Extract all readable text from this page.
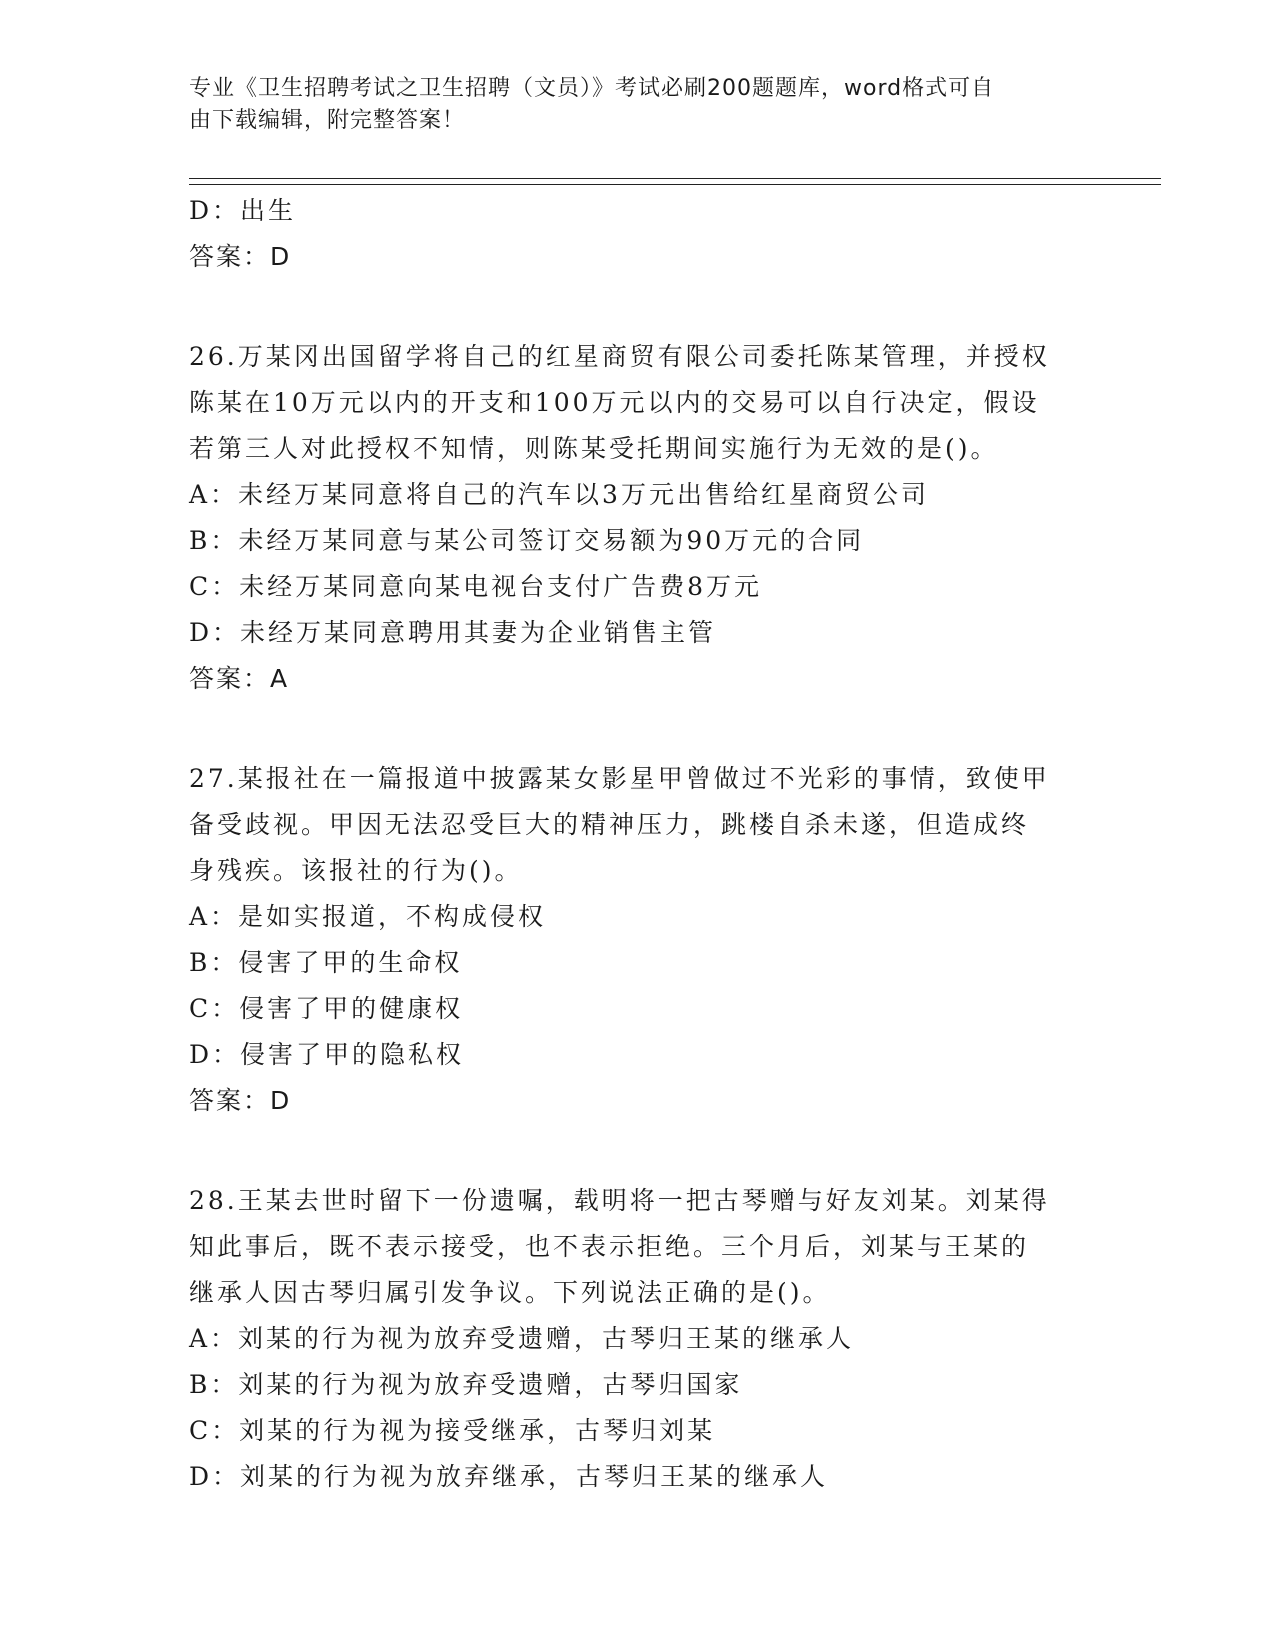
专业《卫生招聘考试之卫生招聘（文员）》考试必刷200题题库，word格式可自
由下载编辑，附完整答案！
D：出生
答案：D
26.万某冈出国留学将自己的红星商贸有限公司委托陈某管理，并授权
陈某在10万元以内的开支和100万元以内的交易可以自行决定，假设
若第三人对此授权不知情，则陈某受托期间实施行为无效的是()。
A：未经万某同意将自己的汽车以3万元出售给红星商贸公司
B：未经万某同意与某公司签订交易额为90万元的合同
C：未经万某同意向某电视台支付广告费8万元
D：未经万某同意聘用其妻为企业销售主管
答案：A
27.某报社在一篇报道中披露某女影星甲曾做过不光彩的事情，致使甲
备受歧视。甲因无法忍受巨大的精神压力，跳楼自杀未遂，但造成终
身残疾。该报社的行为()。
A：是如实报道，不构成侵权
B：侵害了甲的生命权
C：侵害了甲的健康权
D：侵害了甲的隐私权
答案：D
28.王某去世时留下一份遗嘱，载明将一把古琴赠与好友刘某。刘某得
知此事后，既不表示接受，也不表示拒绝。三个月后，刘某与王某的
继承人因古琴归属引发争议。下列说法正确的是()。
A：刘某的行为视为放弃受遗赠，古琴归王某的继承人
B：刘某的行为视为放弃受遗赠，古琴归国家
C：刘某的行为视为接受继承，古琴归刘某
D：刘某的行为视为放弃继承，古琴归王某的继承人
